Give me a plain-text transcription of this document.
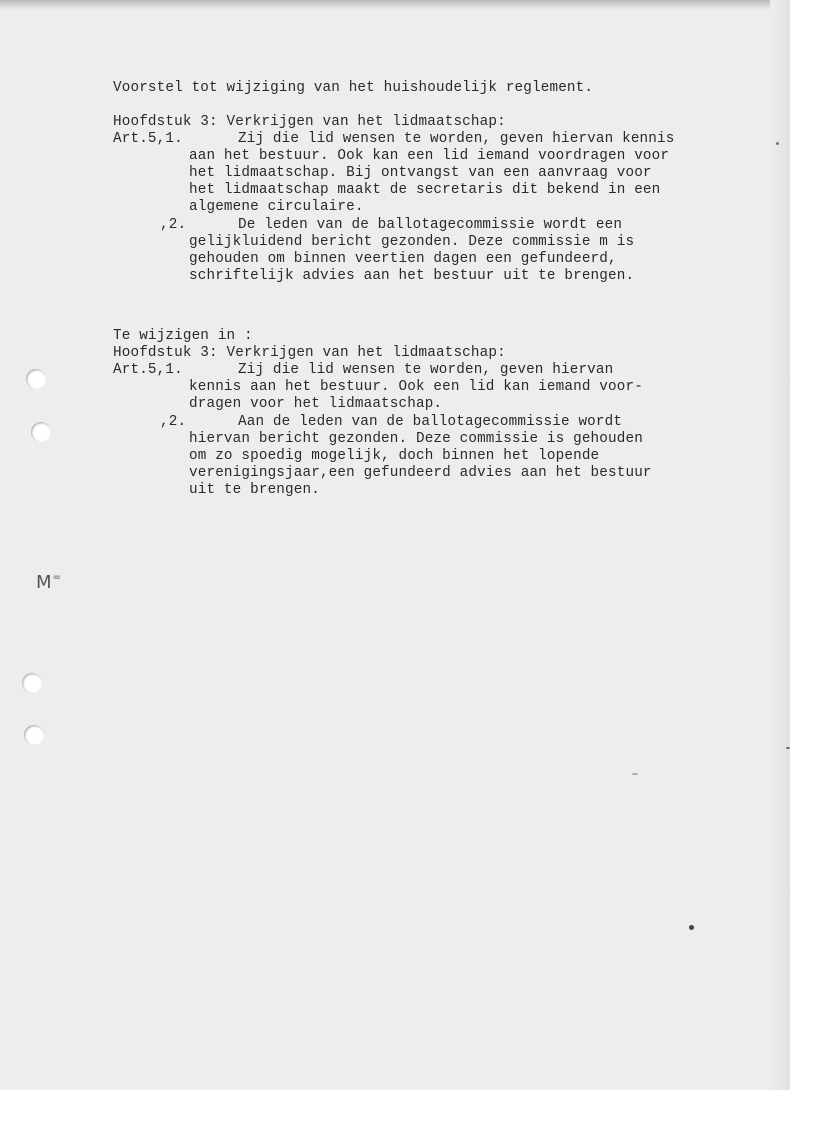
M=
Voorstel tot wijziging van het huishoudelijk reglement.
Hoofdstuk 3: Verkrijgen van het lidmaatschap:
Art.5,1.	Zij die lid wensen te worden, geven hiervan kennis
aan het bestuur. Ook kan een lid iemand voordragen voor
het lidmaatschap. Bij ontvangst van een aanvraag voor
het lidmaatschap maakt de secretaris dit bekend in een
algemene circulaire.
,2.	De leden van de ballotagecommissie wordt een
gelijkluidend bericht gezonden. Deze commissie m is
gehouden om binnen veertien dagen een gefundeerd,
schriftelijk advies aan het bestuur uit te brengen.
Te wijzigen in :
Hoofdstuk 3: Verkrijgen van het lidmaatschap:
Art.5,1.	Zij die lid wensen te worden, geven hiervan
kennis aan het bestuur. Ook een lid kan iemand voor-
dragen voor het lidmaatschap.
,2.	Aan de leden van de ballotagecommissie wordt
hiervan bericht gezonden. Deze commissie is gehouden
om zo spoedig mogelijk, doch binnen het lopende
verenigingsjaar,een gefundeerd advies aan het bestuur
uit te brengen.
